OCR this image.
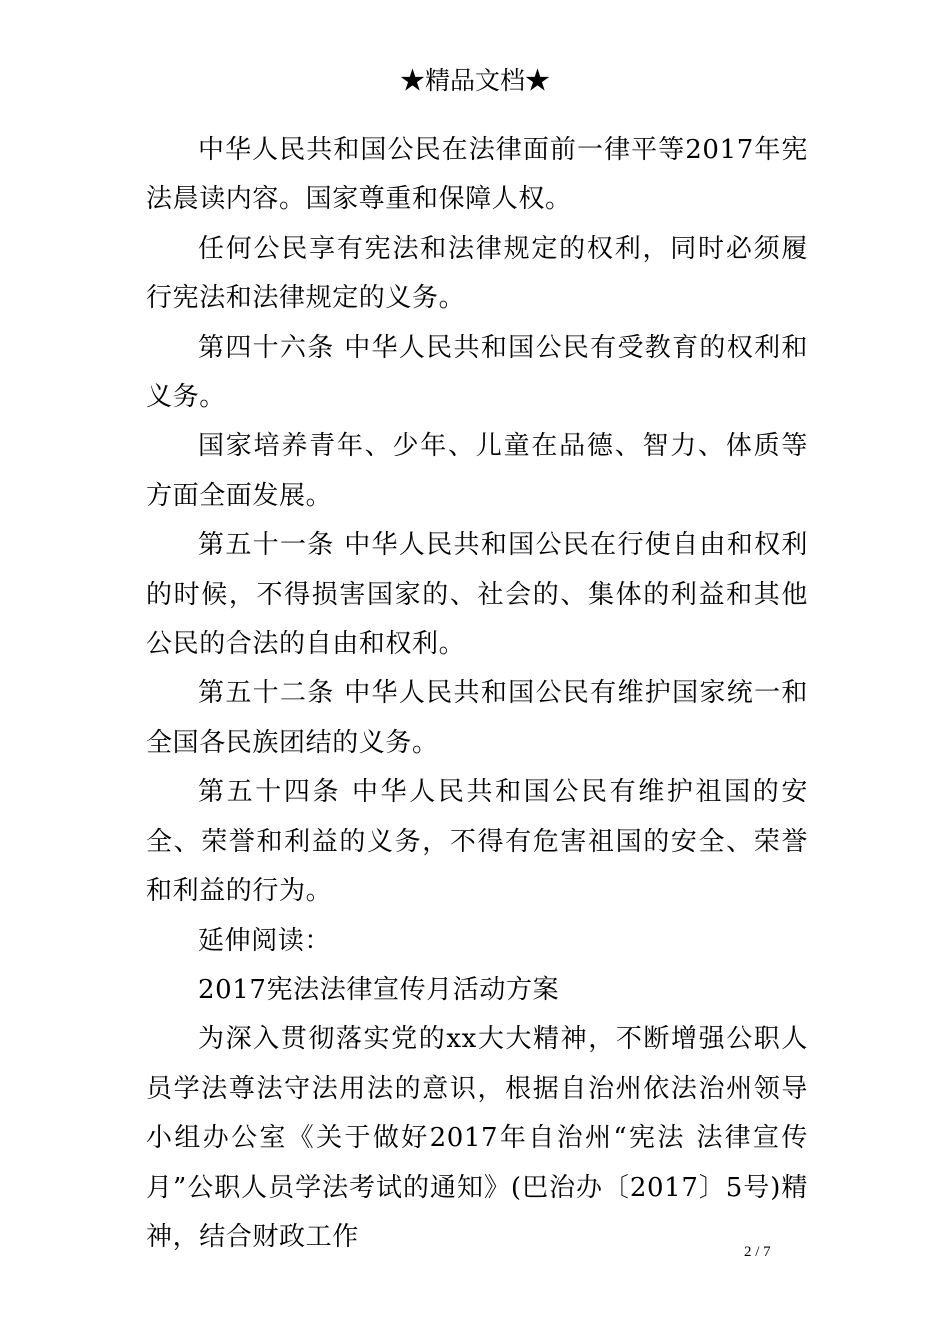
★精品文档★

中华人民共和国公民在法律面前一律平等2017年宪法晨读内容。国家尊重和保障人权。

任何公民享有宪法和法律规定的权利，同时必须履行宪法和法律规定的义务。

第四十六条 中华人民共和国公民有受教育的权利和义务。

国家培养青年、少年、儿童在品德、智力、体质等方面全面发展。

第五十一条 中华人民共和国公民在行使自由和权利的时候，不得损害国家的、社会的、集体的利益和其他公民的合法的自由和权利。

第五十二条 中华人民共和国公民有维护国家统一和全国各民族团结的义务。

第五十四条 中华人民共和国公民有维护祖国的安全、荣誉和利益的义务，不得有危害祖国的安全、荣誉和利益的行为。

延伸阅读：

2017宪法法律宣传月活动方案

为深入贯彻落实党的xx大大精神，不断增强公职人员学法尊法守法用法的意识，根据自治州依法治州领导小组办公室《关于做好2017年自治州“宪法 法律宣传月”公职人员学法考试的通知》(巴治办〔2017〕5号)精神，结合财政工作

2 / 7
